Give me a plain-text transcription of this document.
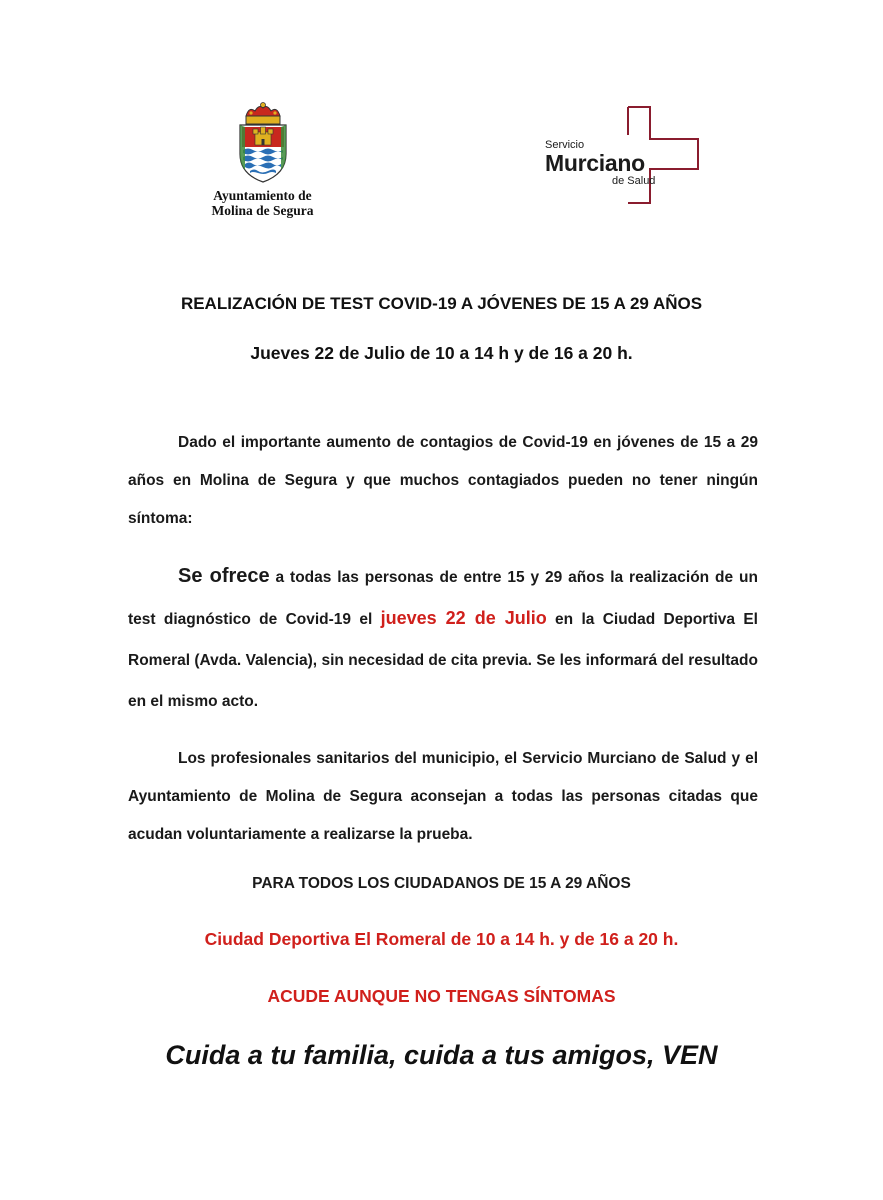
Ayuntamiento de
Molina de Segura
Servicio
Murciano
de Salud
REALIZACIÓN DE TEST COVID-19 A JÓVENES DE 15 A 29 AÑOS
Jueves 22 de Julio de 10 a 14 h y de 16 a 20 h.
Dado el importante aumento de contagios de Covid-19 en jóvenes de 15 a 29 años en Molina de Segura y que muchos contagiados pueden no tener ningún síntoma:
Se ofrece a todas las personas de entre 15 y 29 años la realización de un test diagnóstico de Covid-19 el jueves 22 de Julio en la Ciudad Deportiva El Romeral (Avda. Valencia), sin necesidad de cita previa. Se les informará del resultado en el mismo acto.
Los profesionales sanitarios del municipio, el Servicio Murciano de Salud y el Ayuntamiento de Molina de Segura aconsejan a todas las personas citadas que acudan voluntariamente a realizarse la prueba.
PARA TODOS LOS CIUDADANOS DE 15 A 29 AÑOS
Ciudad Deportiva El Romeral de 10 a 14 h. y de 16 a 20 h.
ACUDE AUNQUE NO TENGAS SÍNTOMAS
Cuida a tu familia, cuida a tus amigos, VEN
